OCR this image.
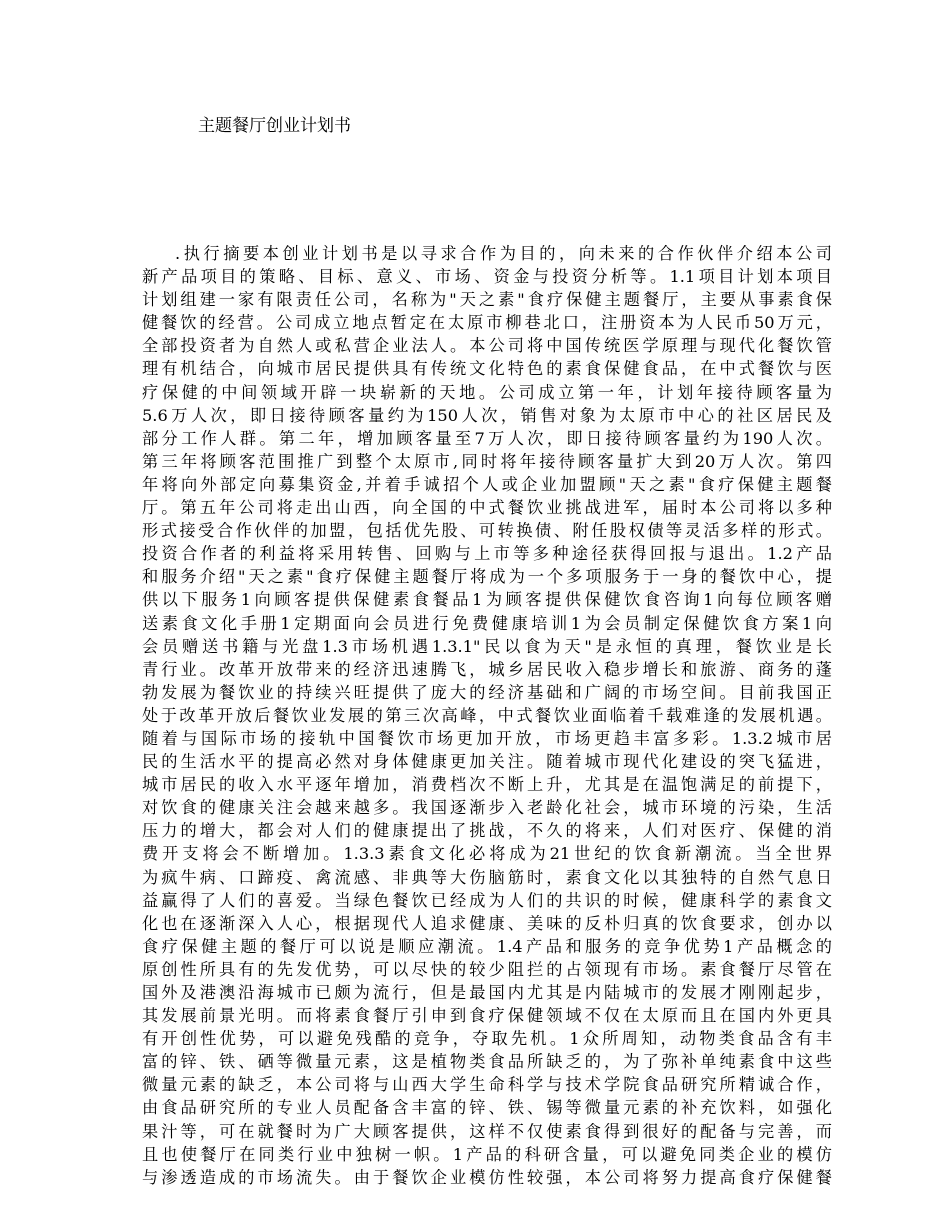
主题餐厅创业计划书
.执行摘要本创业计划书是以寻求合作为目的，向未来的合作伙伴介绍本公司
新产品项目的策略、目标、意义、市场、资金与投资分析等。1.1项目计划本项目
计划组建一家有限责任公司，名称为"天之素"食疗保健主题餐厅，主要从事素食保
健餐饮的经营。公司成立地点暂定在太原市柳巷北口，注册资本为人民币50万元，
全部投资者为自然人或私营企业法人。本公司将中国传统医学原理与现代化餐饮管
理有机结合，向城市居民提供具有传统文化特色的素食保健食品，在中式餐饮与医
疗保健的中间领域开辟一块崭新的天地。公司成立第一年，计划年接待顾客量为
5.6万人次，即日接待顾客量约为150人次，销售对象为太原市中心的社区居民及
部分工作人群。第二年，增加顾客量至7万人次，即日接待顾客量约为190人次。
第三年将顾客范围推广到整个太原市,同时将年接待顾客量扩大到20万人次。第四
年将向外部定向募集资金,并着手诚招个人或企业加盟顾"天之素"食疗保健主题餐
厅。第五年公司将走出山西，向全国的中式餐饮业挑战进军，届时本公司将以多种
形式接受合作伙伴的加盟，包括优先股、可转换债、附任股权债等灵活多样的形式。
投资合作者的利益将采用转售、回购与上市等多种途径获得回报与退出。1.2产品
和服务介绍"天之素"食疗保健主题餐厅将成为一个多项服务于一身的餐饮中心，提
供以下服务1向顾客提供保健素食餐品1为顾客提供保健饮食咨询1向每位顾客赠
送素食文化手册1定期面向会员进行免费健康培训1为会员制定保健饮食方案1向
会员赠送书籍与光盘1.3市场机遇1.3.1"民以食为天"是永恒的真理，餐饮业是长
青行业。改革开放带来的经济迅速腾飞，城乡居民收入稳步增长和旅游、商务的蓬
勃发展为餐饮业的持续兴旺提供了庞大的经济基础和广阔的市场空间。目前我国正
处于改革开放后餐饮业发展的第三次高峰，中式餐饮业面临着千载难逢的发展机遇。
随着与国际市场的接轨中国餐饮市场更加开放，市场更趋丰富多彩。1.3.2城市居
民的生活水平的提高必然对身体健康更加关注。随着城市现代化建设的突飞猛进，
城市居民的收入水平逐年增加，消费档次不断上升，尤其是在温饱满足的前提下，
对饮食的健康关注会越来越多。我国逐渐步入老龄化社会，城市环境的污染，生活
压力的增大，都会对人们的健康提出了挑战，不久的将来，人们对医疗、保健的消
费开支将会不断增加。1.3.3素食文化必将成为21世纪的饮食新潮流。当全世界
为疯牛病、口蹄疫、禽流感、非典等大伤脑筋时，素食文化以其独特的自然气息日
益赢得了人们的喜爱。当绿色餐饮已经成为人们的共识的时候，健康科学的素食文
化也在逐渐深入人心，根据现代人追求健康、美味的反朴归真的饮食要求，创办以
食疗保健主题的餐厅可以说是顺应潮流。1.4产品和服务的竞争优势1产品概念的
原创性所具有的先发优势，可以尽快的较少阻拦的占领现有市场。素食餐厅尽管在
国外及港澳沿海城市已颇为流行，但是最国内尤其是内陆城市的发展才刚刚起步，
其发展前景光明。而将素食餐厅引申到食疗保健领域不仅在太原而且在国内外更具
有开创性优势，可以避免残酷的竞争，夺取先机。1众所周知，动物类食品含有丰
富的锌、铁、硒等微量元素，这是植物类食品所缺乏的，为了弥补单纯素食中这些
微量元素的缺乏，本公司将与山西大学生命科学与技术学院食品研究所精诚合作，
由食品研究所的专业人员配备含丰富的锌、铁、锡等微量元素的补充饮料，如强化
果汁等，可在就餐时为广大顾客提供，这样不仅使素食得到很好的配备与完善，而
且也使餐厅在同类行业中独树一帜。1产品的科研含量，可以避免同类企业的模仿
与渗透造成的市场流失。由于餐饮企业模仿性较强，本公司将努力提高食疗保健餐
